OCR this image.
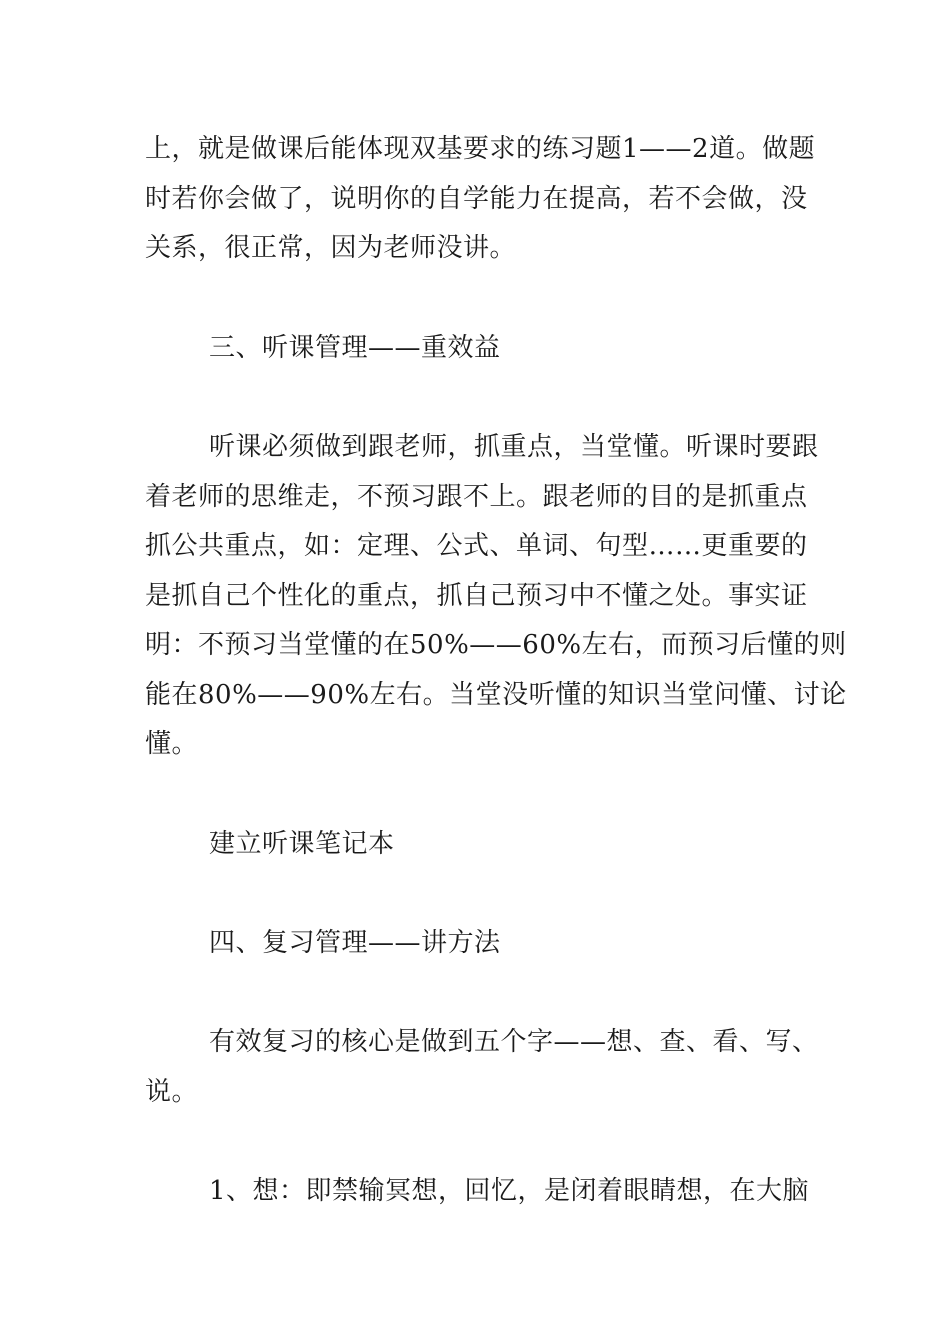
上，就是做课后能体现双基要求的练习题1——2道。做题
时若你会做了，说明你的自学能力在提高，若不会做，没
关系，很正常，因为老师没讲。
三、听课管理——重效益
听课必须做到跟老师，抓重点，当堂懂。听课时要跟
着老师的思维走，不预习跟不上。跟老师的目的是抓重点
抓公共重点，如：定理、公式、单词、句型……更重要的
是抓自己个性化的重点，抓自己预习中不懂之处。事实证
明：不预习当堂懂的在50%——60%左右，而预习后懂的则
能在80%——90%左右。当堂没听懂的知识当堂问懂、讨论
懂。
建立听课笔记本
四、复习管理——讲方法
有效复习的核心是做到五个字——想、查、看、写、
说。
1、想：即禁输冥想，回忆，是闭着眼睛想，在大脑
